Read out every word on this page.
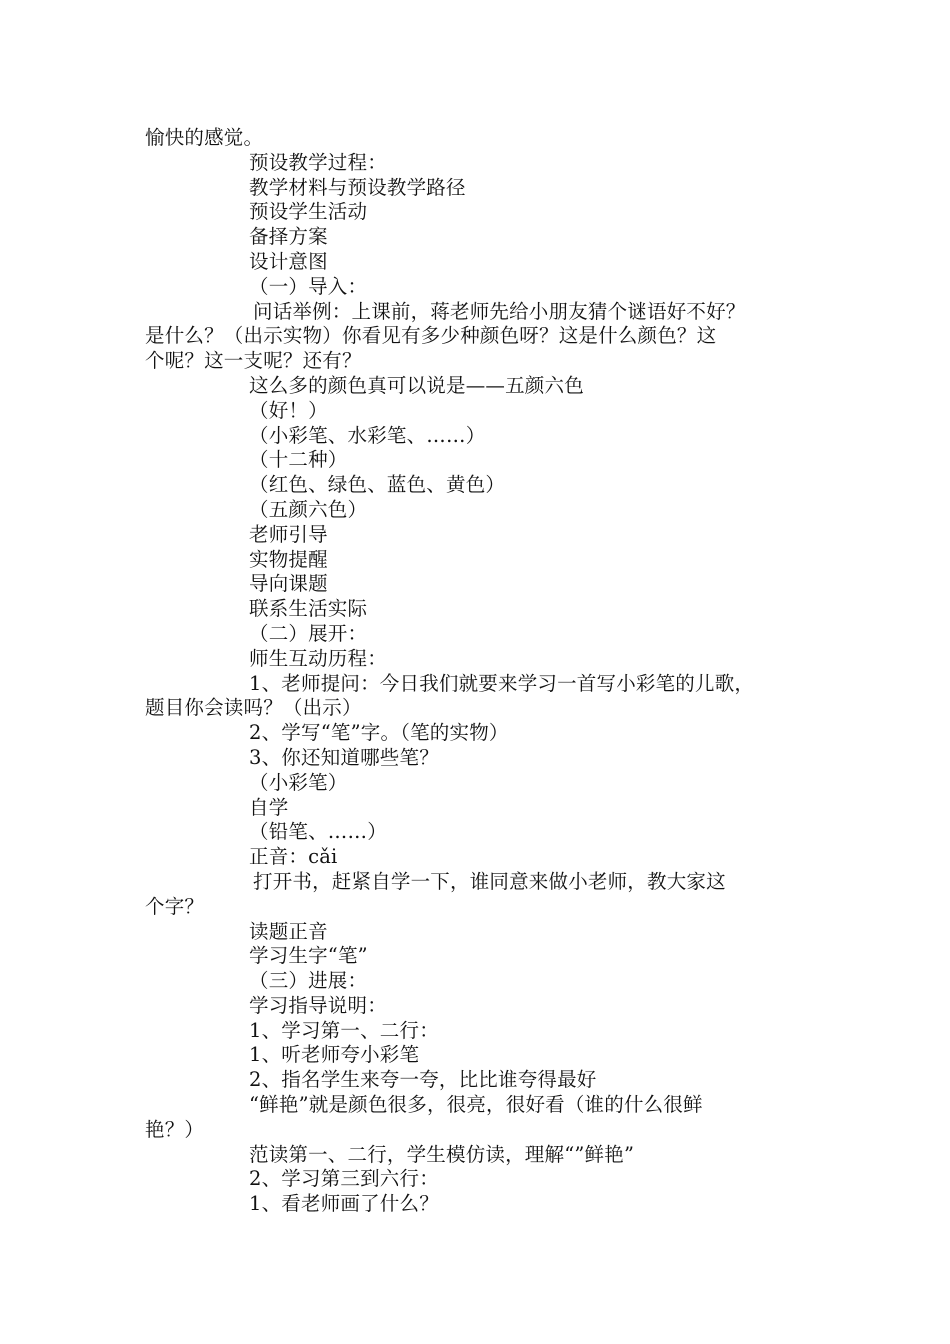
愉快的感觉。

预设教学过程：

教学材料与预设教学路径

预设学生活动

备择方案

设计意图

（一）导入：

问话举例：上课前，蒋老师先给小朋友猜个谜语好不好？

是什么？（出示实物）你看见有多少种颜色呀？这是什么颜色？这

个呢？这一支呢？还有？

这么多的颜色真可以说是——五颜六色

（好！）

（小彩笔、水彩笔、……）

（十二种）

（红色、绿色、蓝色、黄色）

（五颜六色）

老师引导

实物提醒

导向课题

联系生活实际

（二）展开：

师生互动历程：

1、老师提问：今日我们就要来学习一首写小彩笔的儿歌，

题目你会读吗？（出示）

2、学写“笔”字。（笔的实物）

3、你还知道哪些笔？

（小彩笔）

自学

（铅笔、……）

正音：cǎi

打开书，赶紧自学一下，谁同意来做小老师，教大家这

个字？

读题正音

学习生字“笔”

（三）进展：

学习指导说明：

1、学习第一、二行：

1、听老师夸小彩笔

2、指名学生来夸一夸，比比谁夸得最好

“鲜艳”就是颜色很多，很亮，很好看（谁的什么很鲜

艳？）

范读第一、二行，学生模仿读，理解“”鲜艳”

2、学习第三到六行：

1、看老师画了什么？
